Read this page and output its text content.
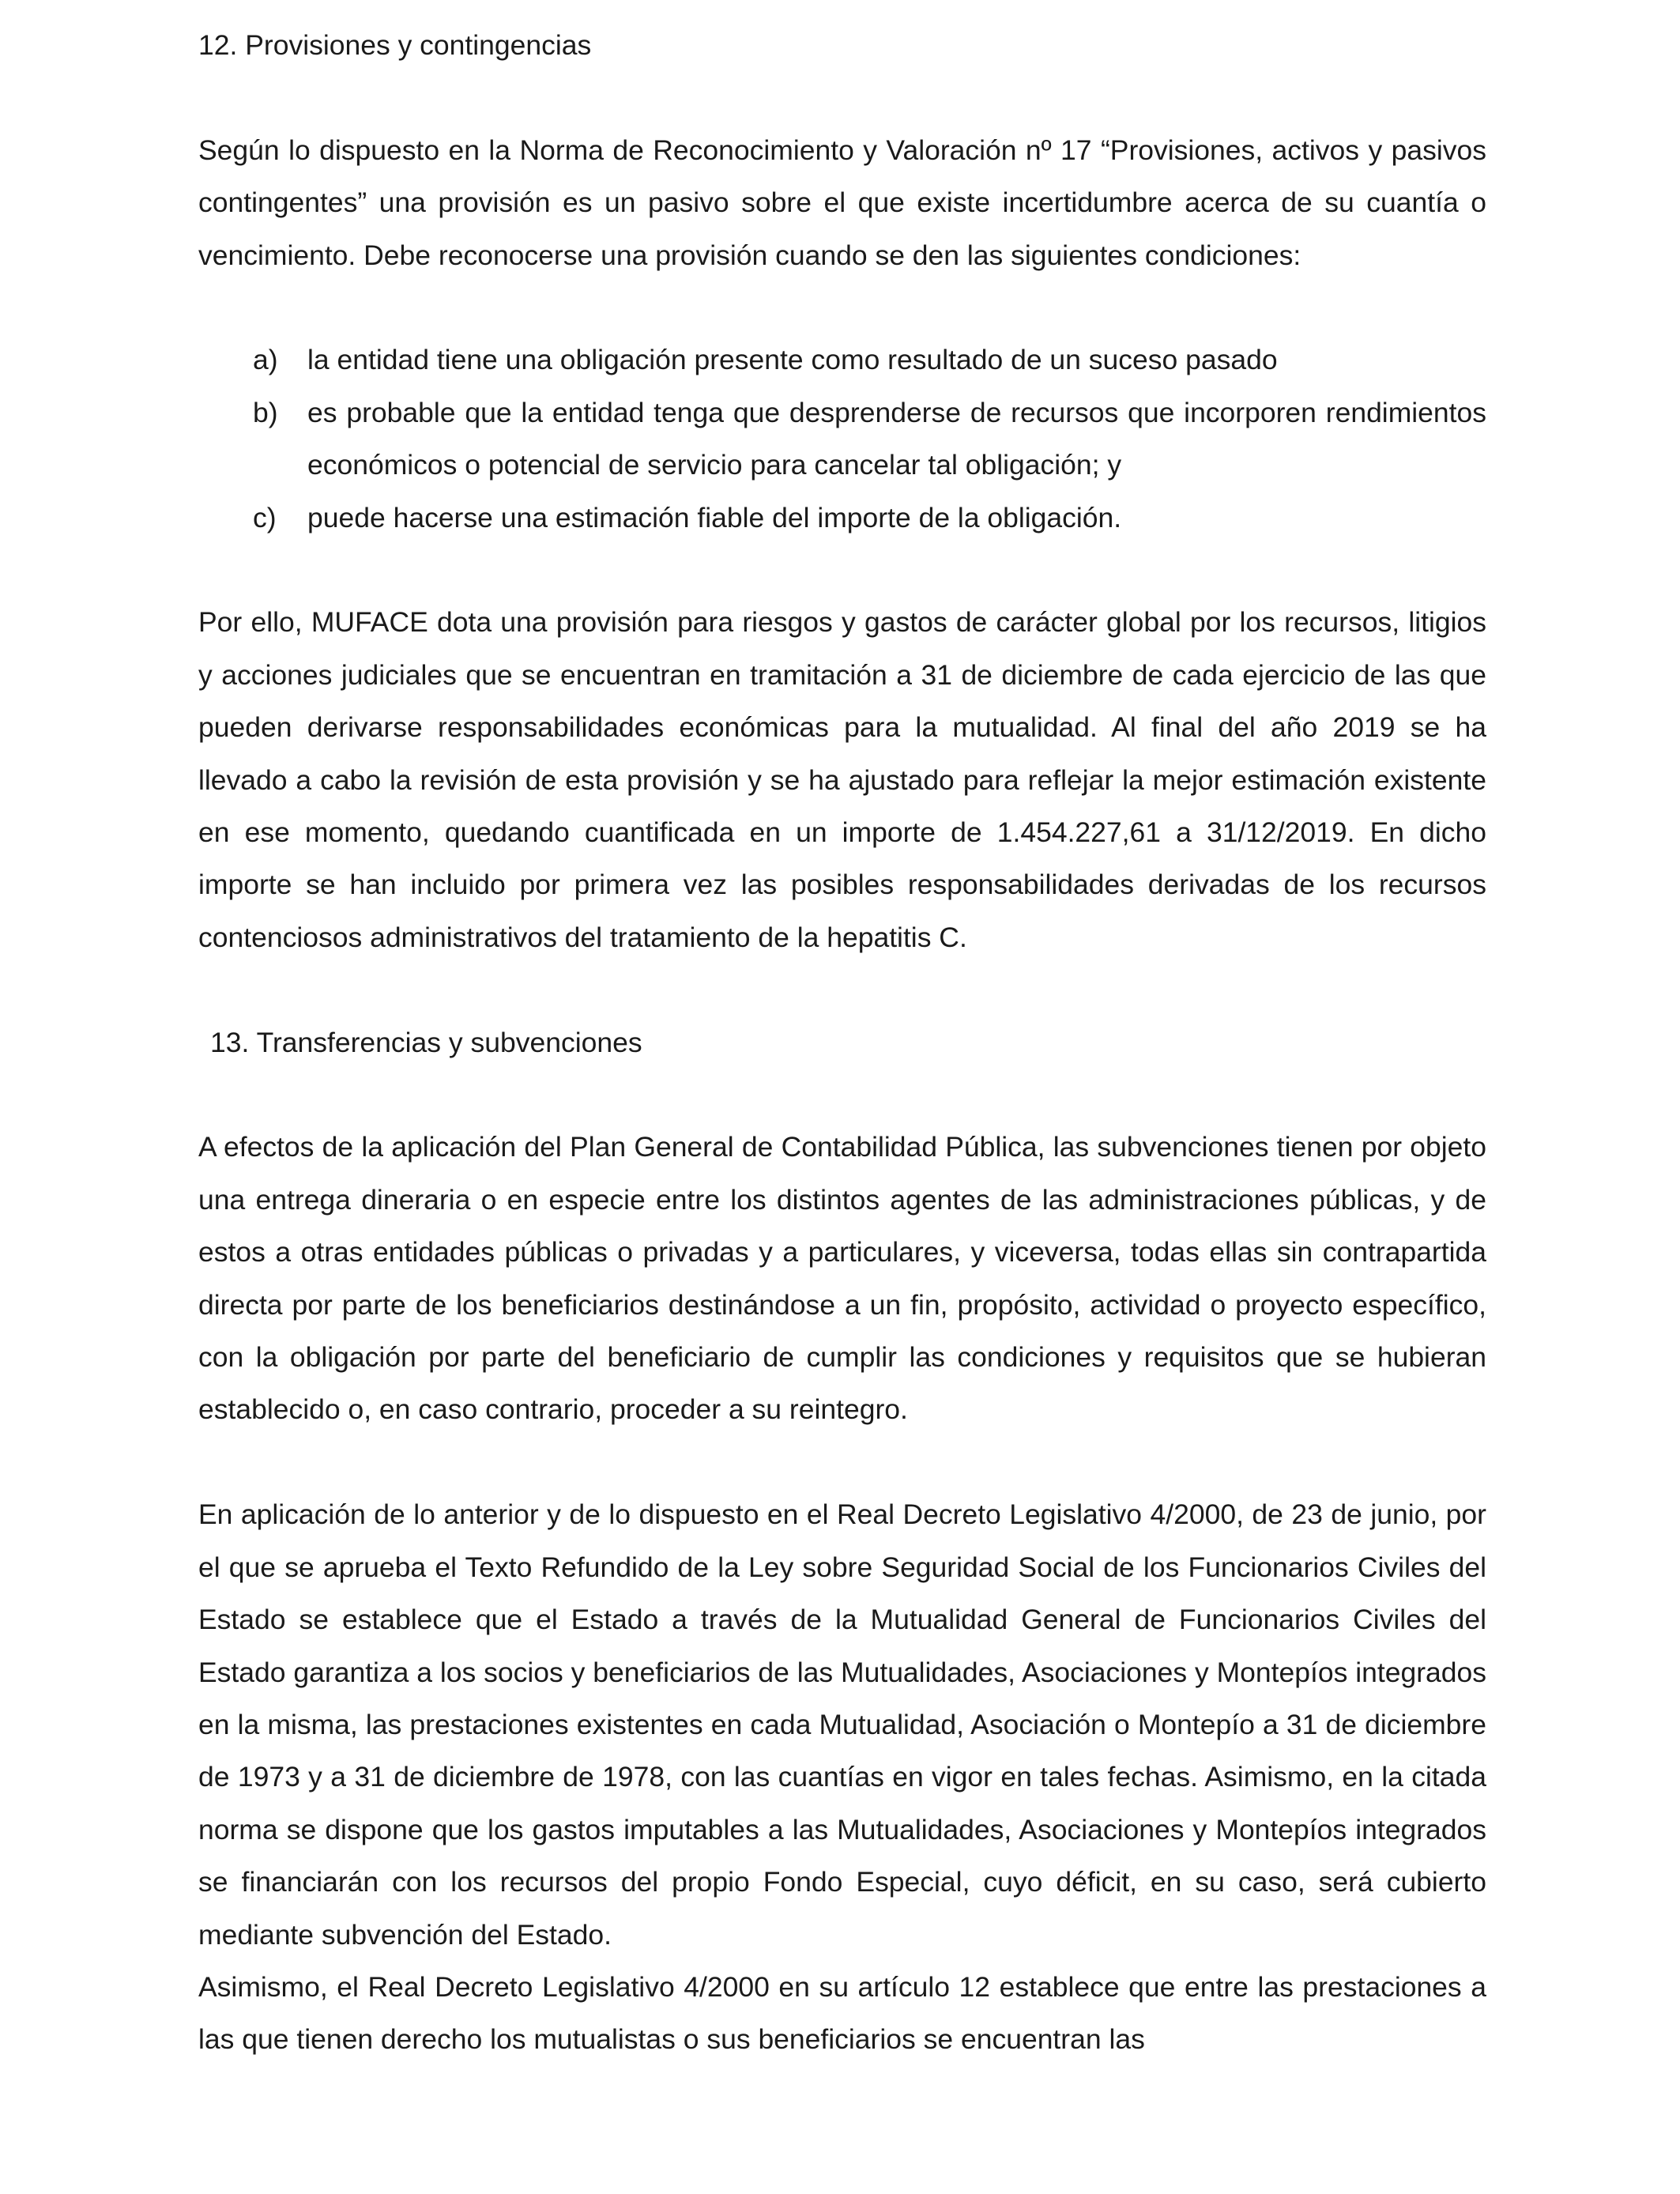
12. Provisiones y contingencias

Según lo dispuesto en la Norma de Reconocimiento y Valoración nº 17 “Provisiones, activos y pasivos contingentes” una provisión es un pasivo sobre el que existe incertidumbre acerca de su cuantía o vencimiento. Debe reconocerse una provisión cuando se den las siguientes condiciones:

a) la entidad tiene una obligación presente como resultado de un suceso pasado
b) es probable que la entidad tenga que desprenderse de recursos que incorporen rendimientos económicos o potencial de servicio para cancelar tal obligación; y
c) puede hacerse una estimación fiable del importe de la obligación.

Por ello, MUFACE dota una provisión para riesgos y gastos de carácter global por los recursos, litigios y acciones judiciales que se encuentran en tramitación a 31 de diciembre de cada ejercicio de las que pueden derivarse responsabilidades económicas para la mutualidad. Al final del año 2019 se ha llevado a cabo la revisión de esta provisión y se ha ajustado para reflejar la mejor estimación existente en ese momento, quedando cuantificada en un importe de 1.454.227,61 a 31/12/2019. En dicho importe se han incluido por primera vez las posibles responsabilidades derivadas de los recursos contenciosos administrativos del tratamiento de la hepatitis C.

13. Transferencias y subvenciones

A efectos de la aplicación del Plan General de Contabilidad Pública, las subvenciones tienen por objeto una entrega dineraria o en especie entre los distintos agentes de las administraciones públicas, y de estos a otras entidades públicas o privadas y a particulares, y viceversa, todas ellas sin contrapartida directa por parte de los beneficiarios destinándose a un fin, propósito, actividad o proyecto específico, con la obligación por parte del beneficiario de cumplir las condiciones y requisitos que se hubieran establecido o, en caso contrario, proceder a su reintegro.

En aplicación de lo anterior y de lo dispuesto en el Real Decreto Legislativo 4/2000, de 23 de junio, por el que se aprueba el Texto Refundido de la Ley sobre Seguridad Social de los Funcionarios Civiles del Estado se establece que el Estado a través de la Mutualidad General de Funcionarios Civiles del Estado garantiza a los socios y beneficiarios de las Mutualidades, Asociaciones y Montepíos integrados en la misma, las prestaciones existentes en cada Mutualidad, Asociación o Montepío a 31 de diciembre de 1973 y a 31 de diciembre de 1978, con las cuantías en vigor en tales fechas. Asimismo, en la citada norma se dispone que los gastos imputables a las Mutualidades, Asociaciones y Montepíos integrados se financiarán con los recursos del propio Fondo Especial, cuyo déficit, en su caso, será cubierto mediante subvención del Estado.

Asimismo, el Real Decreto Legislativo 4/2000 en su artículo 12 establece que entre las prestaciones a las que tienen derecho los mutualistas o sus beneficiarios se encuentran las
